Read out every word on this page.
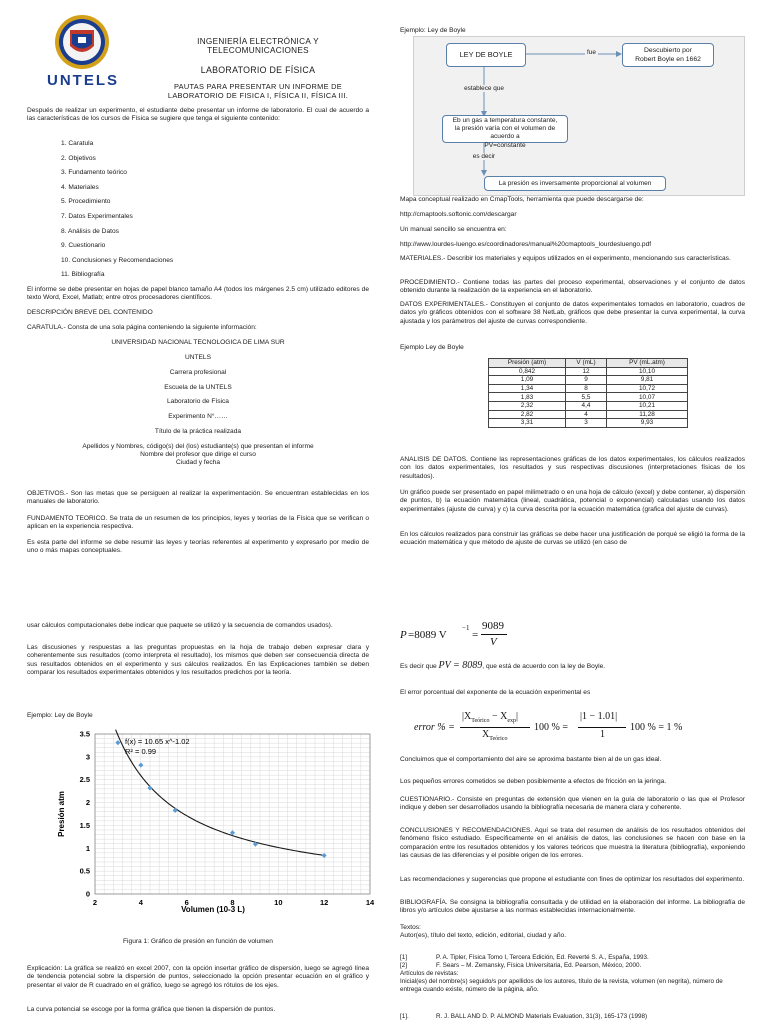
UNTELS
INGENIERÍA ELECTRÓNICA Y
TELECOMUNICACIONES
LABORATORIO DE FÍSICA
PAUTAS PARA PRESENTAR UN INFORME DE
LABORATORIO DE FISICA I, FÍSICA II, FÍSICA III.

Después de realizar un experimento, el estudiante debe presentar un informe de laboratorio. El cual de acuerdo a las características de los cursos de Física se sugiere que tenga el siguiente contenido:

1. Caratula
2. Objetivos
3. Fundamento teórico
4. Materiales
5. Procedimiento
7. Datos Experimentales
8. Análisis de Datos
9. Cuestionario
10. Conclusiones y Recomendaciones
11. Bibliografía

El informe se debe presentar en hojas de papel blanco tamaño A4 (todos los márgenes 2.5 cm) utilizado editores de texto Word, Excel, Matlab; entre otros procesadores científicos.

DESCRIPCIÓN BREVE DEL CONTENIDO

CARATULA.- Consta de una sola página conteniendo la siguiente información:

UNIVERSIDAD NACIONAL TECNOLOGICA DE LIMA SUR

UNTELS

Carrera profesional

Escuela de la UNTELS

Laboratorio de Física

Experimento N°……

Título de la práctica realizada

Apellidos y Nombres, código(s) del (los) estudiante(s) que presentan el informe

Nombre del profesor que dirige el curso

Ciudad y fecha

OBJETIVOS.- Son las metas que se persiguen al realizar la experimentación. Se encuentran establecidas en los manuales de laboratorio.

FUNDAMENTO TEORICO. Se trata de un resumen de los principios, leyes y teorías de la Física que se verifican o aplican en la experiencia respectiva.

Es esta parte del informe se debe resumir las leyes y teorías referentes al experimento y expresarlo por medio de uno o más mapas conceptuales.

Ejemplo: Ley de Boyle

LEY DE BOYLE	fue	Descubierto por
Robert Boyle en 1662
establece que
Eb un gas a temperatura constante,
la presión varía con el volumen de acuerdo a
PV=constante
es decir
La presión es inversamente proporcional al volumen

Mapa conceptual realizado en CmapTools, herramienta que puede descargarse de:

http://cmaptools.softonic.com/descargar

Un manual sencillo se encuentra en:

http://www.lourdes-luengo.es/coordinadores/manual%20cmaptools_lourdesluengo.pdf

MATERIALES.- Describir los materiales y equipos utilizados en el experimento, mencionando sus características.

PROCEDIMIENTO.- Contiene todas las partes del proceso experimental, observaciones y el conjunto de datos obtenido durante la realización de la experiencia en el laboratorio.

DATOS EXPERIMENTALES.- Constituyen el conjunto de datos experimentales tomados en laboratorio, cuadros de datos y/o gráficos obtenidos con el software 38 NetLab, gráficos que debe presentar la curva experimental, la curva ajustada y los parámetros del ajuste de curvas correspondiente.

Ejemplo Ley de Boyle

Presión (atm)	V (mL)	PV (mL.atm)
0,842	12	10,10
1,09	9	9,81
1,34	8	10,72
1,83	5,5	10,07
2,32	4,4	10,21
2,82	4	11,28
3,31	3	9,93

ANALISIS DE DATOS. Contiene las representaciones gráficas de los datos experimentales, los cálculos realizados con los datos experimentales, los resultados y sus respectivas discusiones (interpretaciones físicas de los resultados).

Un gráfico puede ser presentado en papel milimetrado o en una hoja de cálculo (excel) y debe contener, a) dispersión de puntos, b) la ecuación matemática (lineal, cuadrática, potencial o exponencial) calculadas usando los datos experimentales (ajuste de curva) y c) la curva descrita por la ecuación matemática (grafica del ajuste de curvas).

En los cálculos realizados para construir las gráficas se debe hacer una justificación de porqué se eligió la forma de la ecuación matemática y que método de ajuste de curvas se utilizó (en caso de

usar cálculos computacionales debe indicar que paquete se utilizó y la secuencia de comandos usados).

Las discusiones y respuestas a las preguntas propuestas en la hoja de trabajo deben expresar clara y coherentemente sus resultados (como interpreta el resultado), los mismos que deben ser consecuencia directa de sus resultados obtenidos en el experimento y sus cálculos realizados. En las Explicaciones también se deben comparar los resultados experimentales obtenidos y los resultados predichos por la teoría.

Ejemplo: Ley de Boyle

2	4	6	8	10	12	14
0
0.5
1
1.5
2
2.5
3
3.5
f(x) = 10.65 x^-1.02
R² = 0.99
Volumen (10-3 L)
Presión atm

Figura 1: Gráfico de presión en función de volumen

Explicación: La gráfica se realizó en excel 2007, con la opción insertar gráfico de dispersión, luego se agregó línea de tendencia potencial sobre la dispersión de puntos, seleccionado la opción presentar ecuación en el gráfico y presentar el valor de R cuadrado en el gráfico, luego se agregó los rótulos de los ejes.

La curva potencial se escoge por la forma gráfica que tienen la dispersión de puntos.

P =8089 V
−1
=
9089
V

Es decir que PV = 8089, que está de acuerdo con la ley de Boyle.

El error porcentual del exponente de la ecuación experimental es

error % =
$|X_{Teórico} - X_{exp}|$
$X_{Teórico}$
100 % =
|1 − 1.01|
1
100 % = 1 %

Concluimos que el comportamiento del aire se aproxima bastante bien al de un gas ideal.

Los pequeños errores cometidos se deben posiblemente a efectos de fricción en la jeringa.

CUESTIONARIO.- Consiste en preguntas de extensión que vienen en la guía de laboratorio o las que el Profesor indique y deben ser desarrollados usando la bibliografía necesaria de manera clara y coherente.

CONCLUSIONES Y RECOMENDACIONES. Aquí se trata del resumen de análisis de los resultados obtenidos del fenómeno físico estudiado. Específicamente en el análisis de datos, las conclusiones se hacen con base en la comparación entre los resultados obtenidos y los valores teóricos que muestra la literatura (bibliografía), exponiendo las causas de las diferencias y el posible origen de los errores.

Las recomendaciones y sugerencias que propone el estudiante con fines de optimizar los resultados del experimento.

BIBLIOGRAFÍA. Se consigna la bibliografía consultada y de utilidad en la elaboración del informe. La bibliografía de libros y/o artículos debe ajustarse a las normas establecidas internacionalmente.

Textos:

Autor(es), título del texto, edición, editorial, ciudad y año.

[1]	P. A. Tipler, Física Tomo I, Tercera Edición, Ed. Reverté S. A., España, 1993.

[2]	F. Sears – M. Zemansky, Física Universitaria, Ed. Pearson, México, 2000.

Artículos de revistas:

Inicial(es) del nombre(s) seguido/s por apellidos de los autores, título de la revista, volumen (en negrita), número de entrega cuando existe, número de la página, año.

[1].	R. J. BALL AND D. P. ALMOND Materials Evaluation, 31(3), 165-173 (1998)
